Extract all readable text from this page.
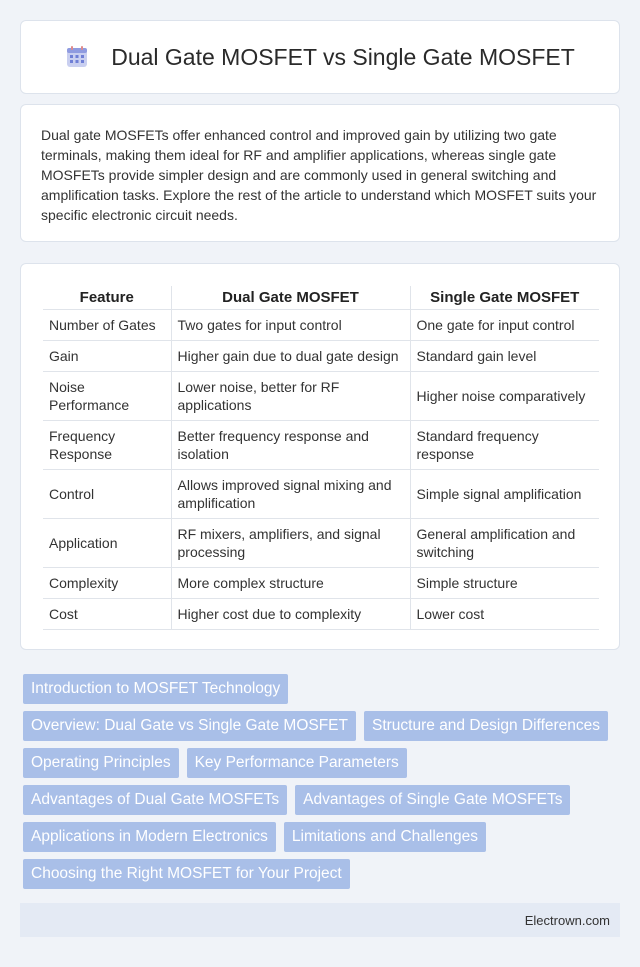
Dual Gate MOSFET vs Single Gate MOSFET

Dual gate MOSFETs offer enhanced control and improved gain by utilizing two gate terminals, making them ideal for RF and amplifier applications, whereas single gate MOSFETs provide simpler design and are commonly used in general switching and amplification tasks. Explore the rest of the article to understand which MOSFET suits your specific electronic circuit needs.

Feature	Dual Gate MOSFET	Single Gate MOSFET
Number of Gates	Two gates for input control	One gate for input control
Gain	Higher gain due to dual gate design	Standard gain level
Noise Performance	Lower noise, better for RF applications	Higher noise comparatively
Frequency Response	Better frequency response and isolation	Standard frequency response
Control	Allows improved signal mixing and amplification	Simple signal amplification
Application	RF mixers, amplifiers, and signal processing	General amplification and switching
Complexity	More complex structure	Simple structure
Cost	Higher cost due to complexity	Lower cost
Introduction to MOSFET Technology
Overview: Dual Gate vs Single Gate MOSFET	Structure and Design Differences
Operating Principles	Key Performance Parameters
Advantages of Dual Gate MOSFETs	Advantages of Single Gate MOSFETs
Applications in Modern Electronics	Limitations and Challenges
Choosing the Right MOSFET for Your Project
Electrown.com
